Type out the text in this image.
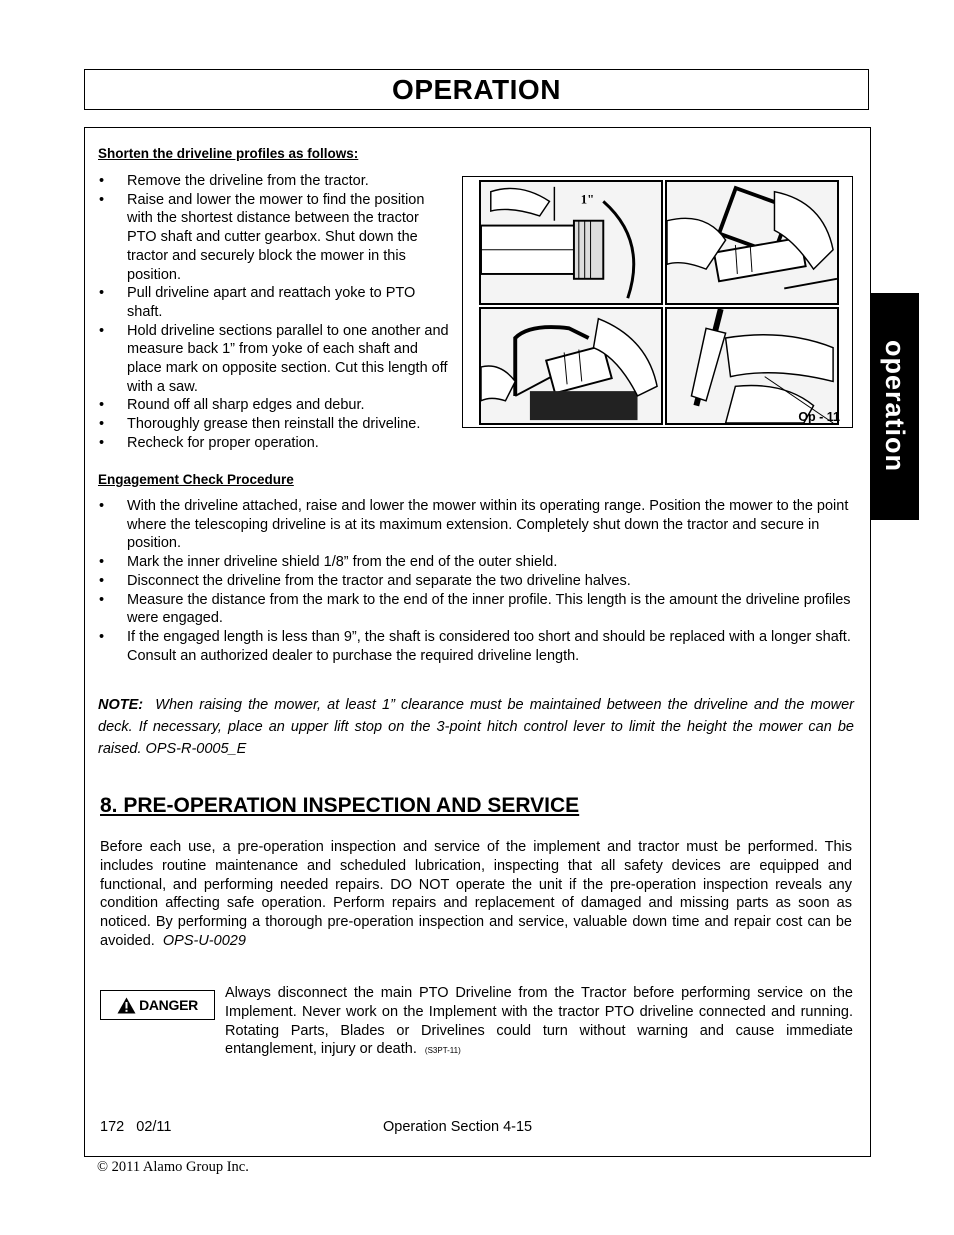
OPERATION
operation
Shorten the driveline profiles as follows:
• Remove the driveline from the tractor.
• Raise and lower the mower to find the position with the shortest distance between the tractor PTO shaft and cutter gearbox. Shut down the tractor and securely block the mower in this position.
• Pull driveline apart and reattach yoke to PTO shaft.
• Hold driveline sections parallel to one another and measure back 1” from yoke of each shaft and place mark on opposite section. Cut this length off with a saw.
• Round off all sharp edges and debur.
• Thoroughly grease then reinstall the driveline.
• Recheck for proper operation.
1"
Op - 11
Engagement Check Procedure
• With the driveline attached, raise and lower the mower within its operating range. Position the mower to the point where the telescoping driveline is at its maximum extension. Completely shut down the tractor and secure in position.
• Mark the inner driveline shield 1/8” from the end of the outer shield.
• Disconnect the driveline from the tractor and separate the two driveline halves.
• Measure the distance from the mark to the end of the inner profile. This length is the amount the driveline profiles were engaged.
• If the engaged length is less than 9”, the shaft is considered too short and should be replaced with a longer shaft. Consult an authorized dealer to purchase the required driveline length.
NOTE: When raising the mower, at least 1” clearance must be maintained between the driveline and the mower deck. If necessary, place an upper lift stop on the 3-point hitch control lever to limit the height the mower can be raised. OPS-R-0005_E
8. PRE-OPERATION INSPECTION AND SERVICE
Before each use, a pre-operation inspection and service of the implement and tractor must be performed. This includes routine maintenance and scheduled lubrication, inspecting that all safety devices are equipped and functional, and performing needed repairs. DO NOT operate the unit if the pre-operation inspection reveals any condition affecting safe operation. Perform repairs and replacement of damaged and missing parts as soon as noticed. By performing a thorough pre-operation inspection and service, valuable down time and repair cost can be avoided. OPS-U-0029
DANGER
Always disconnect the main PTO Driveline from the Tractor before performing service on the Implement. Never work on the Implement with the tractor PTO driveline connected and running. Rotating Parts, Blades or Drivelines could turn without warning and cause immediate entanglement, injury or death. (S3PT-11)
172   02/11	Operation Section 4-15
© 2011 Alamo Group Inc.
